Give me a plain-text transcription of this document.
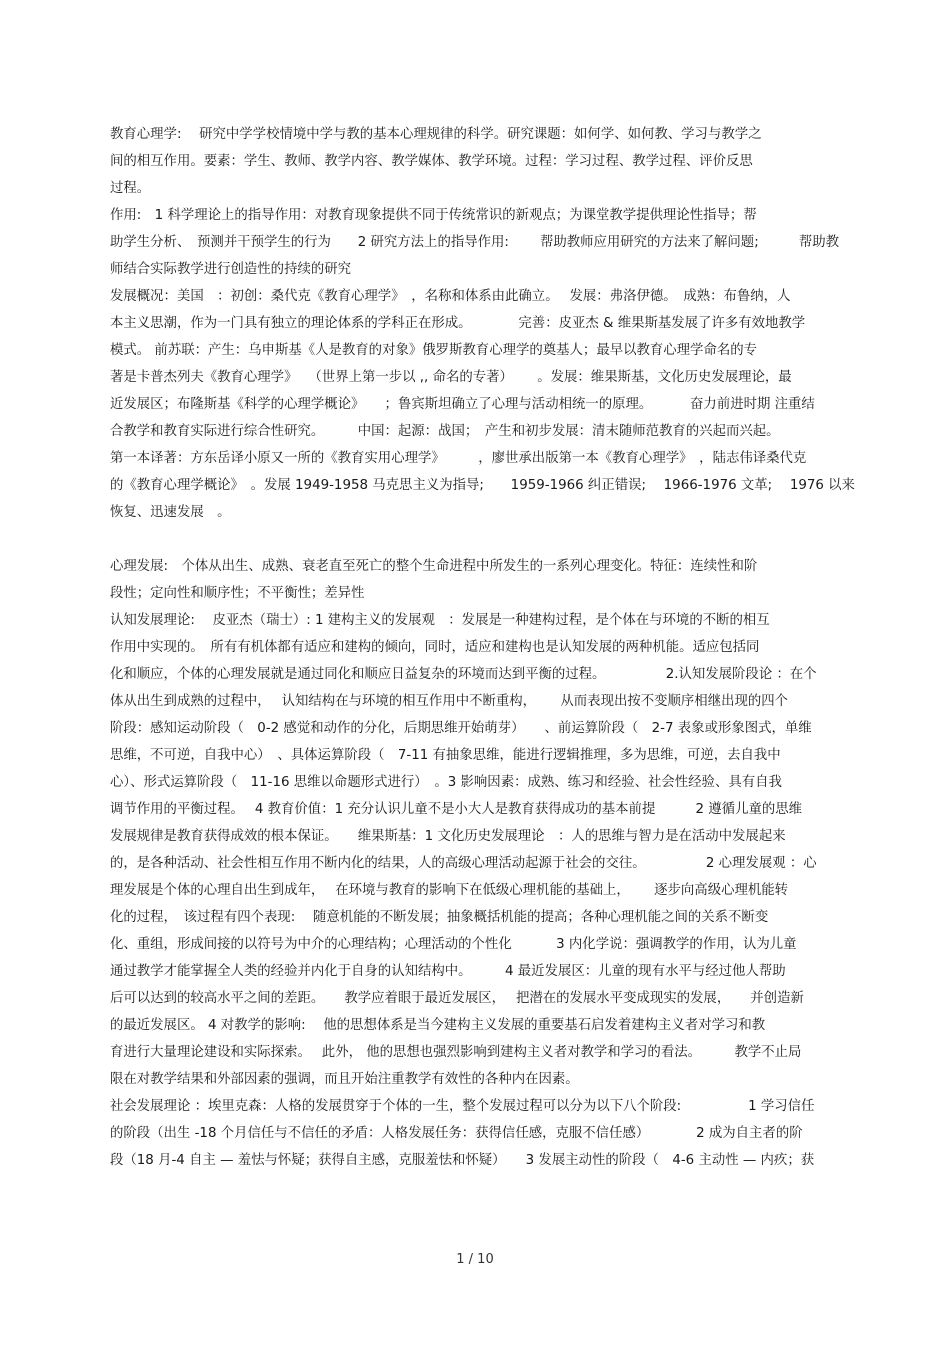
教育心理学:　 研究中学学校情境中学与教的基本心理规律的科学。研究课题：如何学、如何教、学习与教学之
间的相互作用。要素：学生、教师、教学内容、教学媒体、教学环境。过程：学习过程、教学过程、评价反思
过程。
作用:　1 科学理论上的指导作用：对教育现象提供不同于传统常识的新观点；为课堂教学提供理论性指导；帮
助学生分析、　预测并干预学生的行为　　2 研究方法上的指导作用:　　 帮助教师应用研究的方法来了解问题;　　　帮助教
师结合实际教学进行创造性的持续的研究
发展概况：美国　：初创：桑代克《教育心理学》　，名称和体系由此确立。　 发展：弗洛伊德。　成熟：布鲁纳，人
本主义思潮，作为一门具有独立的理论体系的学科正在形成。　　　　完善：皮亚杰 & 维果斯基发展了许多有效地教学
模式。 前苏联：产生：乌申斯基《人是教育的对象》俄罗斯教育心理学的奠基人；最早以教育心理学命名的专
著是卡普杰列夫《教育心理学》　 （世界上第一步以 ,, 命名的专著）　　 。发展：维果斯基，文化历史发展理论，最
近发展区；布隆斯基《科学的心理学概论》　　；鲁宾斯坦确立了心理与活动相统一的原理。　　　 奋力前进时期 注重结
合教学和教育实际进行综合性研究。　　　中国：起源：战国；　产生和初步发展：清末随师范教育的兴起而兴起。
第一本译著：方东岳译小原又一所的《教育实用心理学》　　　，廖世承出版第一本《教育心理学》　，陆志伟译桑代克
的《教育心理学概论》　。发展 1949-1958 马克思主义为指导;　　1959-1966 纠正错误;　 1966-1976 文革;　 1976 以来
恢复、迅速发展　。
心理发展:　个体从出生、成熟、衰老直至死亡的整个生命进程中所发生的一系列心理变化。特征：连续性和阶
段性；定向性和顺序性；不平衡性；差异性
认知发展理论:　 皮亚杰（瑞士）: 1 建构主义的发展观　：发展是一种建构过程，是个体在与环境的不断的相互
作用中实现的。　所有有机体都有适应和建构的倾向，同时，适应和建构也是认知发展的两种机能。适应包括同
化和顺应，个体的心理发展就是通过同化和顺应日益复杂的环境而达到平衡的过程。　　　　　2.认知发展阶段论 ：在个
体从出生到成熟的过程中，　 认知结构在与环境的相互作用中不断重构，　　 从而表现出按不变顺序相继出现的四个
阶段：感知运动阶段（　0-2 感觉和动作的分化，后期思维开始萌芽）　　、前运算阶段（　2-7 表象或形象图式，单维
思维，不可逆，自我中心）　、具体运算阶段（　7-11 有抽象思维，能进行逻辑推理，多为思维，可逆，去自我中
心）、形式运算阶段（　11-16 思维以命题形式进行）　。3 影响因素：成熟、练习和经验、社会性经验、具有自我
调节作用的平衡过程。　 4 教育价值：1 充分认识儿童不是小大人是教育获得成功的基本前提　　　2 遵循儿童的思维
发展规律是教育获得成效的根本保证。　　维果斯基：1 文化历史发展理论　：人的思维与智力是在活动中发展起来
的，是各种活动、社会性相互作用不断内化的结果，人的高级心理活动起源于社会的交往。　　　　　2 心理发展观 ：心
理发展是个体的心理自出生到成年，　 在环境与教育的影响下在低级心理机能的基础上，　　 逐步向高级心理机能转
化的过程，　该过程有四个表现:　 随意机能的不断发展；抽象概括机能的提高；各种心理机能之间的关系不断变
化、重组，形成间接的以符号为中介的心理结构；心理活动的个性化　　　 3 内化学说：强调教学的作用，认为儿童
通过教学才能掌握全人类的经验并内化于自身的认知结构中。　　　4 最近发展区：儿童的现有水平与经过他人帮助
后可以达到的较高水平之间的差距。　　教学应着眼于最近发展区，　 把潜在的发展水平变成现实的发展，　　并创造新
的最近发展区。 4 对教学的影响:　 他的思想体系是当今建构主义发展的重要基石启发着建构主义者对学习和教
育进行大量理论建设和实际探索。　 此外， 他的思想也强烈影响到建构主义者对教学和学习的看法。　　　教学不止局
限在对教学结果和外部因素的强调，而且开始注重教学有效性的各种内在因素。
社会发展理论 ：埃里克森：人格的发展贯穿于个体的一生，整个发展过程可以分为以下八个阶段:　　　　　1 学习信任
的阶段（出生 -18 个月信任与不信任的矛盾：人格发展任务：获得信任感，克服不信任感）　　　　2 成为自主者的阶
段（18 月-4 自主 — 羞怯与怀疑；获得自主感，克服羞怯和怀疑）　　3 发展主动性的阶段（　4-6 主动性 — 内疚；获
1 / 10
